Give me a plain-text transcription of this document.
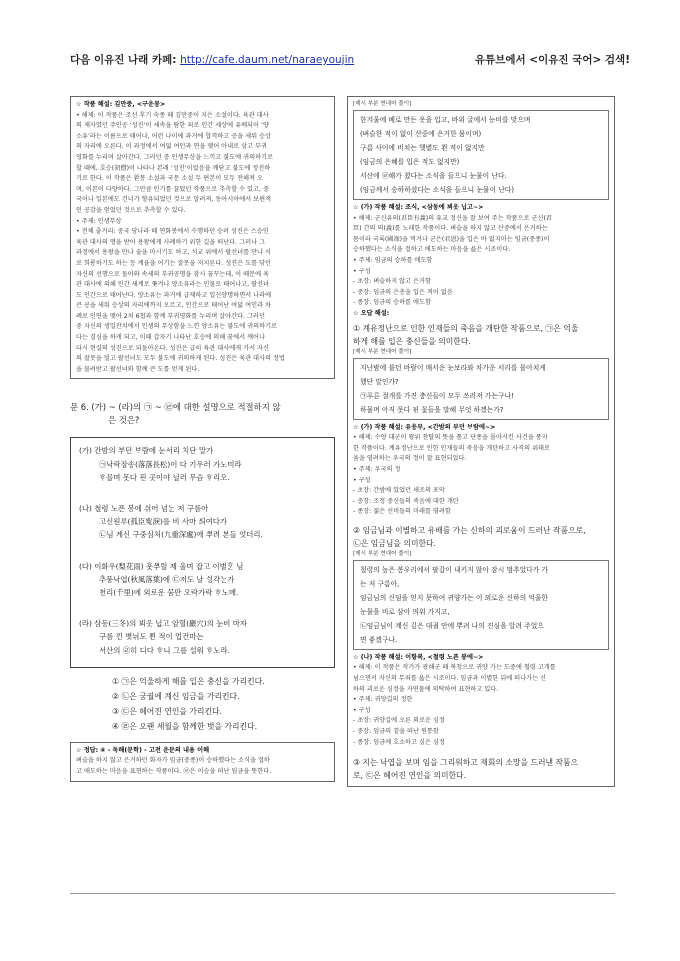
다음 이유진 나래 카페: http://cafe.daum.net/naraeyoujin	유튜브에서 <이유진 국어> 검색!

☆ 작품 해설: 김만중, <구운몽>

• 해제: 이 작품은 조선 후기 숙종 때 김만중이 지은 소설이다. 육관 대사
의 제자였던 주인공 ‘성진’이 세속을 탐한 죄로 인간 세상에 유배되어 ‘양
소유’라는 이름으로 태어나, 어린 나이에 과거에 합격하고 공을 세워 승상
의 자리에 오른다. 이 과정에서 여덟 여인과 연을 맺어 아내로 삼고 부귀
영화를 누리며 살아간다. 그러던 중 인생무상을 느끼고 불도에 귀의하기로
할 때에, 호승(胡僧)이 나타나 본래 ‘성진’이었음을 깨닫고 불도에 정진하
기로 한다. 이 작품은 환몽 소설과 국문 소설 두 편본이 모두 전해져 오
며, 이본이 다양하다. 그만큼 인기를 끌었던 작품으로 추측할 수 있고, 중
국이나 일본에도 건너가 향유되었던 것으로 알려져, 동아시아에서 보편적
인 공감을 얻었던 것으로 추측할 수 있다.
• 주제: 인생무상
• 전체 줄거리: 중국 당나라 때 연화봉에서 수행하던 승려 성진은 스승인
육관 대사의 명을 받아 용왕에게 사례하기 위한 길을 떠난다. 그러나 그
과정에서 용왕을 만나 술을 마시기도 하고, 석교 위에서 팔선녀를 만나 서
로 희롱하기도 하는 등 계율을 어기는 잘못을 저지른다. 성진은 도를 닦던
자신의 선행으로 돌아와 속세의 부귀공명을 잠시 꿈꾸는데, 이 때문에 육
관 대사에 의해 인간 세계로 쫓겨나 양소유라는 인물로 태어나고, 팔선녀
도 인간으로 태어난다. 양소유는 과거에 급제하고 입신양명하면서 나라에
큰 공을 세워 승상의 자리에까지 오르고, 인간으로 태어난 여덟 여인과 차
례로 인연을 맺어 2처 6첩과 함께 부귀영화를 누리며 살아간다. 그러던
중 자신의 생일잔치에서 인생의 무상함을 느낀 양소유는 불도에 귀의하기로
다는 결심을 하게 되고, 이때 갑자기 나타난 호승에 의해 꿈에서 깨어나
다시 현실의 성진으로 되돌아온다. 성진은 급히 육관 대사에게 가서 자신
의 잘못을 빌고 팔선녀도 모두 불도에 귀의하게 된다. 성진은 육관 대사의 정법
을 물려받고 팔선녀와 함께 큰 도를 얻게 된다.
문 6. (가) ~ (라)의 ㉠ ~ ㉣에 대한 설명으로 적절하지 않
은 것은?
(가) 간밤의 부던 ᄇᆞ람에 눈서리 치단 말가
㉠낙락장송(落落長松)이 다 기우러 가노미라
ᄒᆞ믈며 못다 핀 곳이야 닐러 무슴 ᄒᆞ리오.
(나) 철령 노픈 봉에 쉬어 넘ᄂᆞᆫ 저 구름아
고신원루(孤臣寃淚)를 비 사마 ᄯᅴ여다가
㉡님 계신 구중심처(九重深處)에 ᄲᅮ려 본들 엇더리.
(다) 이화우(梨花雨) 흣ᄲᅮ릴 제 울며 잡고 이별ᄒᆞᆫ 님
추풍낙엽(秋風落葉)에 ㉢저도 날 ᄉᆡᆼ각ᄂᆞᆫ가
천리(千里)에 외로운 ᄭᅮᆷ만 오락가락 ᄒᆞ노매.
(라) 삼동(三冬)의 뵈옷 닙고 암혈(巖穴)의 눈비 마자
구름 낀 볏뉘도 쬔 적이 업건마는
서산의 ㉣히 디다 ᄒᆞ니 그를 설워 ᄒᆞ노라.
① ㉠은 억울하게 해를 입은 충신을 가리킨다.
② ㉡은 궁궐에 계신 임금을 가리킨다.
③ ㉢은 헤어진 연인을 가리킨다.
④ ㉣은 오랜 세월을 함께한 벗을 가리킨다.

☆ 정답: ④ - 독해(문학) - 고전 운문의 내용 이해

벼슬을 하지 않고 은거하던 화자가 임금(중종)이 승하했다는 소식을 접하
고 애도하는 마음을 표현하는 작품이다. ㉣은 이승을 떠난 임금을 뜻한다.
[제시 부분 현대어 풀이]
한겨울에 베로 만든 옷을 입고, 바위 굴에서 눈비를 맞으며
(벼슬한 적이 없이 산중에 은거한 몸이며)
구름 사이에 비치는 햇볕도 쬔 적이 없지만
(임금의 은혜를 입은 적도 없지만)
서산에 ㉣해가 졌다는 소식을 들으니 눈물이 난다.
(임금께서 승하하셨다는 소식을 들으니 눈물이 난다)

☆ (가) 작품 해설: 조식, <삼동에 뵈옷 닙고~>

• 해제: 군신유의(君臣有義)의 유교 정신을 잘 보여 주는 작품으로 군신(君
臣) 간의 의(義)를 노래한 작품이다. 벼슬을 하지 않고 산중에서 은거하는
몸이라 국록(國祿)을 먹거나 군은(君恩)을 입은 바 없지마는 임금(중종)이
승하했다는 소식을 접하고 애도하는 마음을 읊은 시조이다.
• 주제: 임금의 승하를 애도함
• 구성
- 초장: 벼슬하지 않고 은거함
- 중장: 임금의 은총을 입은 적이 없음
- 종장: 임금의 승하를 애도함

☆ 오답 해설:

① 계유정난으로 인한 인재들의 죽음을 개탄한 작품으로, ㉠은 억울
하게 해를 입은 충신들을 의미한다.
[제시 부분 현대어 풀이]
지난밤에 불던 바람이 매서운 눈보라와 차가운 서리를 몰아치게
했단 말인가?
㉠푸른 절개를 가진 충신들이 모두 쓰러져 가는구나!
하물며 아직 못다 핀 꽃들을 말해 무엇 하겠는가?

☆ (가) 작품 해설: 유응부, <간밤의 부던 ᄇᆞ람에~>

• 해제: 수양 대군이 왕위 찬탈의 뜻을 품고 단종을 몰아시킨 사건을 풍자
한 작품이다. 계유정난으로 인한 인재들의 죽음을 개탄하고 사직의 위태로
움을 염려하는 우국의 정이 잘 표현되었다.
• 주제: 우국의 정
• 구성
- 초장: 간밤에 있었던 세조의 포악
- 중장: 조정 중신들의 죽음에 대한 개탄
- 종장: 젊은 선비들의 미래를 염려함
② 임금님과 이별하고 유배를 가는 신하의 괴로움이 드러난 작품으로,
㉡은 임금님을 의미한다.
[제시 부분 현대어 풀이]
철령의 높은 봉우리에서 팔갑이 내키지 않아 잠시 멈추었다가 가
는 저 구름아,
임금님의 신임을 얻지 못하여 귀양가는 이 외로운 신하의 억울한
눈물을 비로 삼아 띄워 가지고,
㉡임금님이 계신 깊은 대궐 안에 뿌려 나의 진심을 알려 주었으
면 좋겠구나.

☆ (나) 작품 해설: 이항복, <철령 노픈 봉에~>

• 해제: 이 작품은 작가가 광해군 때 북청으로 귀양 가는 도중에 철령 고개를
넘으면서 자신의 무죄를 읊은 시조이다. 임금과 이별한 뒤에 떠나가는 신
하의 괴로운 심정을 자연물에 의탁하여 표현하고 있다.
• 주제: 귀양길의 정한
• 구성
- 초장: 귀양길에 오른 외로운 심정
- 중장: 임금의 곁을 떠난 원통함
- 종장: 임금께 호소하고 싶은 심정
③ 지는 낙엽을 보며 임을 그리워하고 재회의 소망을 드러낸 작품으
로, ㉢은 헤어진 연인을 의미한다.
